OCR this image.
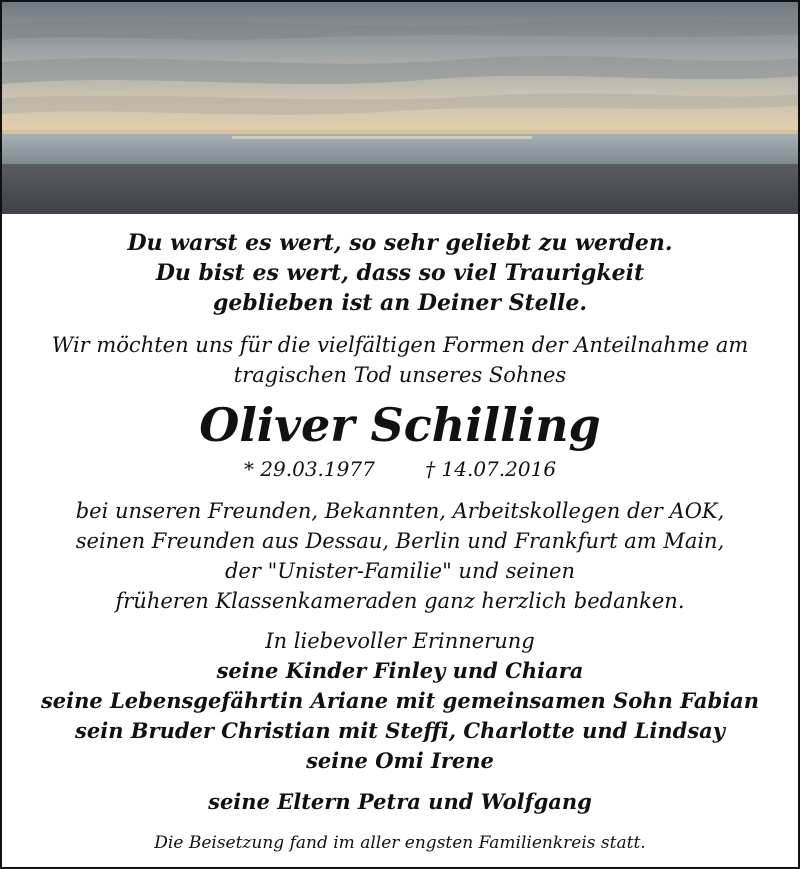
Du warst es wert, so sehr geliebt zu werden.
Du bist es wert, dass so viel Traurigkeit
geblieben ist an Deiner Stelle.
Wir möchten uns für die vielfältigen Formen der Anteilnahme am
tragischen Tod unseres Sohnes
Oliver Schilling
* 29.03.1977	† 14.07.2016
bei unseren Freunden, Bekannten, Arbeitskollegen der AOK,
seinen Freunden aus Dessau, Berlin und Frankfurt am Main,
der "Unister-Familie" und seinen
früheren Klassenkameraden ganz herzlich bedanken.
In liebevoller Erinnerung
seine Kinder Finley und Chiara
seine Lebensgefährtin Ariane mit gemeinsamen Sohn Fabian
sein Bruder Christian mit Steffi, Charlotte und Lindsay
seine Omi Irene
seine Eltern Petra und Wolfgang
Die Beisetzung fand im aller engsten Familienkreis statt.
